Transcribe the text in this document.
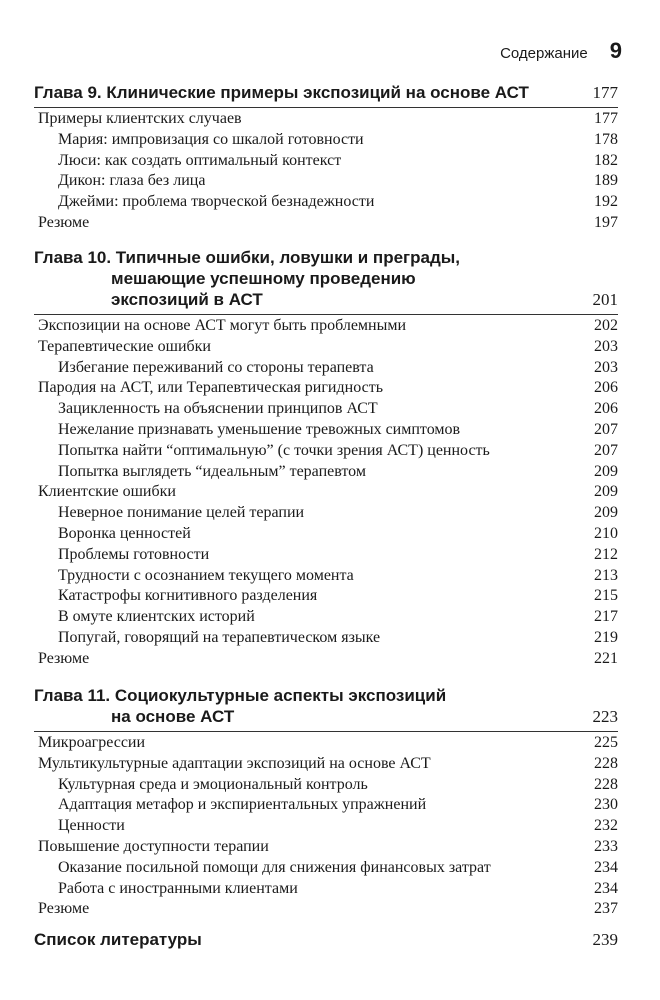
Содержание 9
Глава 9. Клинические примеры экспозиций на основе АСТ	177
Примеры клиентских случаев	177
Мария: импровизация со шкалой готовности	178
Люси: как создать оптимальный контекст	182
Дикон: глаза без лица	189
Джейми: проблема творческой безнадежности	192
Резюме	197
Глава 10. Типичные ошибки, ловушки и преграды,
мешающие успешному проведению
экспозиций в АСТ	201
Экспозиции на основе АСТ могут быть проблемными	202
Терапевтические ошибки	203
Избегание переживаний со стороны терапевта	203
Пародия на АСТ, или Терапевтическая ригидность	206
Зацикленность на объяснении принципов АСТ	206
Нежелание признавать уменьшение тревожных симптомов	207
Попытка найти “оптимальную” (с точки зрения АСТ) ценность	207
Попытка выглядеть “идеальным” терапевтом	209
Клиентские ошибки	209
Неверное понимание целей терапии	209
Воронка ценностей	210
Проблемы готовности	212
Трудности с осознанием текущего момента	213
Катастрофы когнитивного разделения	215
В омуте клиентских историй	217
Попугай, говорящий на терапевтическом языке	219
Резюме	221
Глава 11. Социокультурные аспекты экспозиций
на основе АСТ	223
Микроагрессии	225
Мультикультурные адаптации экспозиций на основе АСТ	228
Культурная среда и эмоциональный контроль	228
Адаптация метафор и экспириентальных упражнений	230
Ценности	232
Повышение доступности терапии	233
Оказание посильной помощи для снижения финансовых затрат	234
Работа с иностранными клиентами	234
Резюме	237
Список литературы	239
